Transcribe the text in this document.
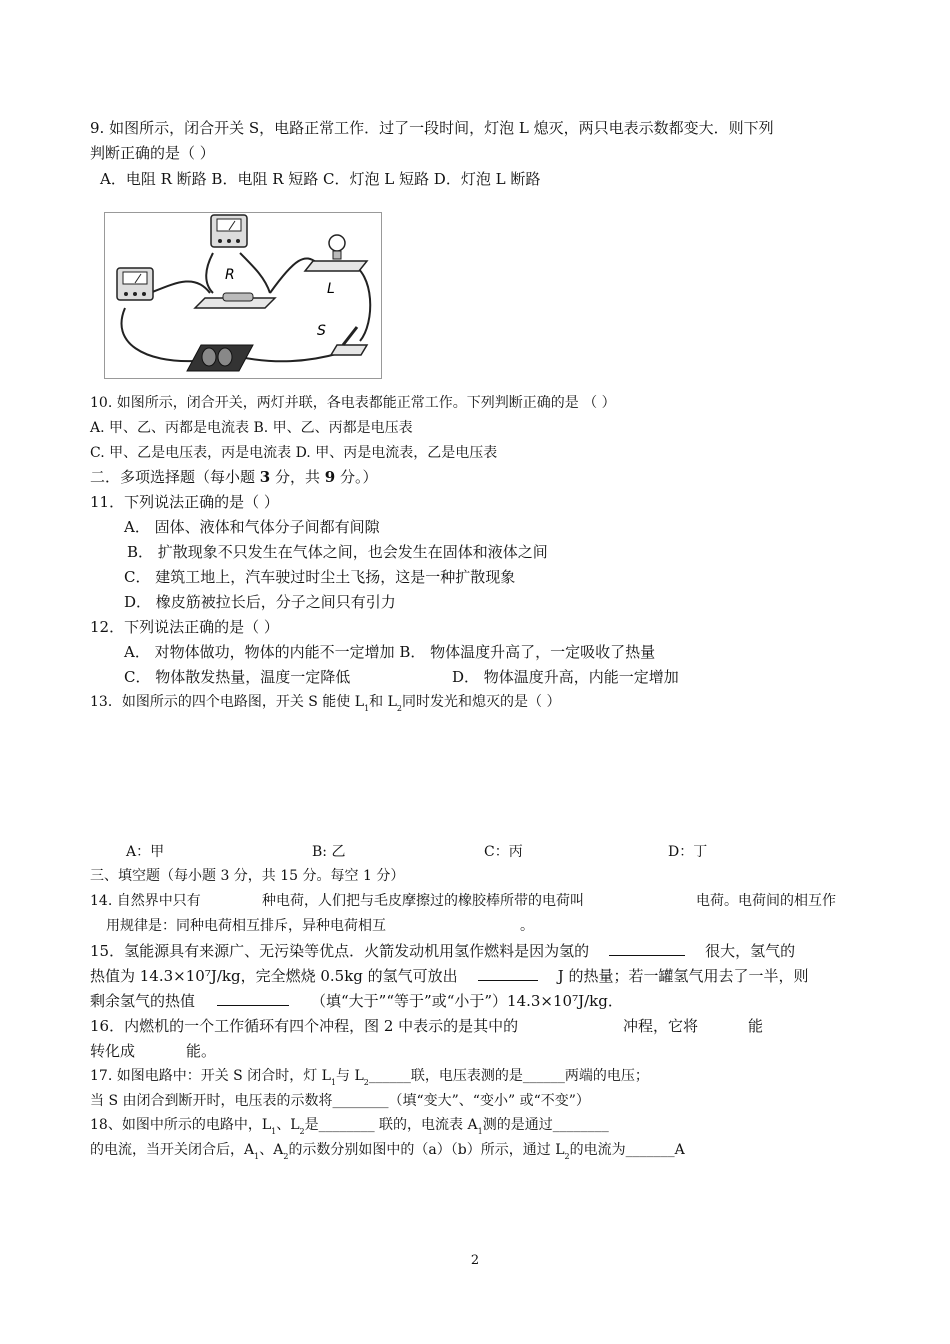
9. 如图所示，闭合开关 S，电路正常工作．过了一段时间，灯泡 L 熄灭，两只电表示数都变大．则下列
判断正确的是（ ）
A．电阻 R 断路 B．电阻 R 短路 C．灯泡 L 短路 D．灯泡 L 断路
R
L
S
10. 如图所示，闭合开关，两灯并联，各电表都能正常工作。下列判断正确的是 （ ）
A. 甲、乙、丙都是电流表 B. 甲、乙、丙都是电压表
C. 甲、乙是电压表，丙是电流表 D. 甲、丙是电流表，乙是电压表
二．多项选择题（每小题 3 分，共 9 分。）
11．下列说法正确的是（ ）
A． 固体、液体和气体分子间都有间隙
B． 扩散现象不只发生在气体之间，也会发生在固体和液体之间
C． 建筑工地上，汽车驶过时尘土飞扬，这是一种扩散现象
D． 橡皮筋被拉长后，分子之间只有引力
12．下列说法正确的是（ ）
A． 对物体做功，物体的内能不一定增加 B． 物体温度升高了，一定吸收了热量
C． 物体散发热量，温度一定降低	D． 物体温度升高，内能一定增加
13．如图所示的四个电路图，开关 S 能使 $L_1$和 $L_2$同时发光和熄灭的是（ ）
A：甲	B: 乙	C：丙	D：丁
三、填空题（每小题 3 分，共 15 分。每空 1 分）
14. 自然界中只有	种电荷，人们把与毛皮摩擦过的橡胶棒所带的电荷叫	电荷。电荷间的相互作
用规律是：同种电荷相互排斥，异种电荷相互	。
15．氢能源具有来源广、无污染等优点．火箭发动机用氢作燃料是因为氢的	很大，氢气的
热值为 14.3×10⁷J/kg，完全燃烧 0.5kg 的氢气可放出	J 的热量；若一罐氢气用去了一半，则
剩余氢气的热值	（填“大于”“等于”或“小于”）14.3×10⁷J/kg．
16．内燃机的一个工作循环有四个冲程，图 2 中表示的是其中的	冲程，它将	能
转化成	能。
17. 如图电路中：开关 S 闭合时，灯 $L_1$与 $L_2\_\_\_\_\_\_$联，电压表测的是______两端的电压；
当 S 由闭合到断开时，电压表的示数将________（填“变大”、“变小” 或“不变”）
18、如图中所示的电路中，$L_1$、$L_2$是________ 联的，电流表 $A_1$测的是通过________
的电流，当开关闭合后，$A_1$、$A_2$的示数分别如图中的（a）（b）所示，通过 $L_2$的电流为_______A
2
